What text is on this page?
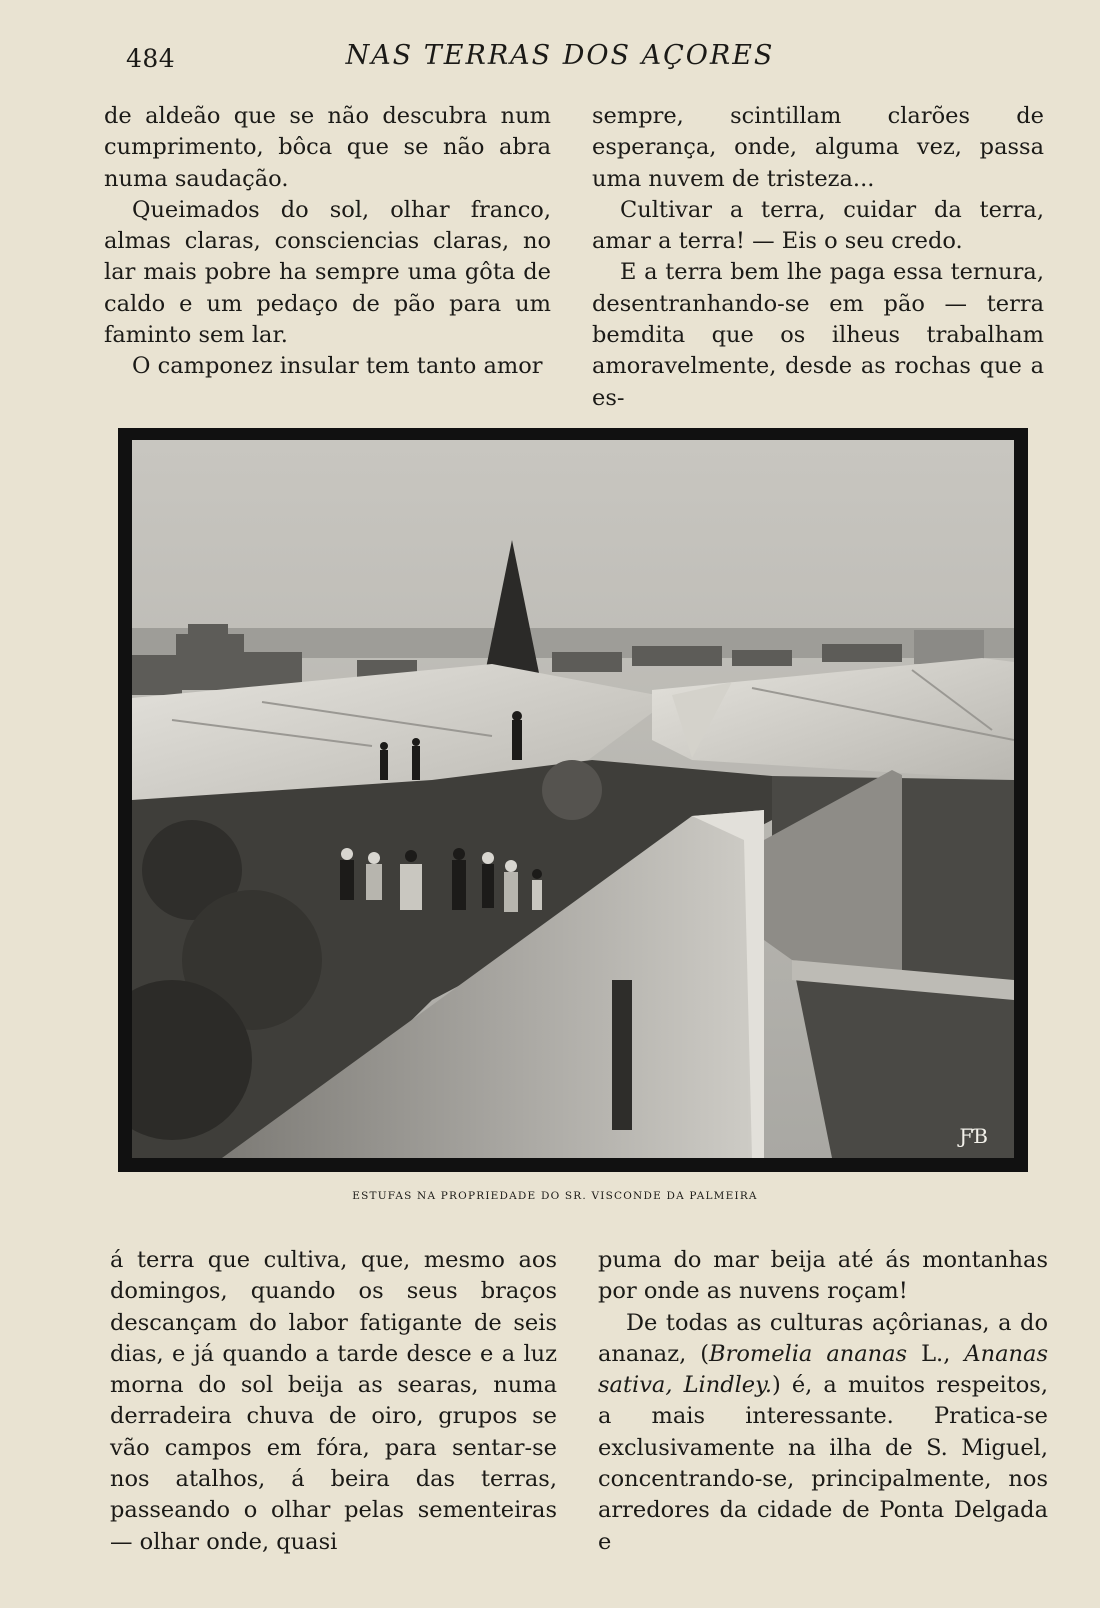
484	NAS TERRAS DOS AÇORES

de aldeão que se não descubra num cumprimento, bôca que se não abra numa saudação.

Queimados do sol, olhar franco, almas claras, consciencias claras, no lar mais pobre ha sempre uma gôta de caldo e um pedaço de pão para um faminto sem lar.

O camponez insular tem tanto amor

sempre, scintillam clarões de esperança, onde, alguma vez, passa uma nuvem de tristeza...

Cultivar a terra, cuidar da terra, amar a terra! — Eis o seu credo.

E a terra bem lhe paga essa ternura, desentranhando-se em pão — terra bemdita que os ilheus trabalham amoravelmente, desde as rochas que a es-

ƑƁ
ESTUFAS NA PROPRIEDADE DO SR. VISCONDE DA PALMEIRA

á terra que cultiva, que, mesmo aos domingos, quando os seus braços descançam do labor fatigante de seis dias, e já quando a tarde desce e a luz morna do sol beija as searas, numa derradeira chuva de oiro, grupos se vão campos em fóra, para sentar-se nos atalhos, á beira das terras, passeando o olhar pelas sementeiras — olhar onde, quasi

puma do mar beija até ás montanhas por onde as nuvens roçam!

De todas as culturas açôrianas, a do ananaz, (Bromelia ananas L., Ananas sativa, Lindley.) é, a muitos respeitos, a mais interessante. Pratica-se exclusivamente na ilha de S. Miguel, concentrando-se, principalmente, nos arredores da cidade de Ponta Delgada e
